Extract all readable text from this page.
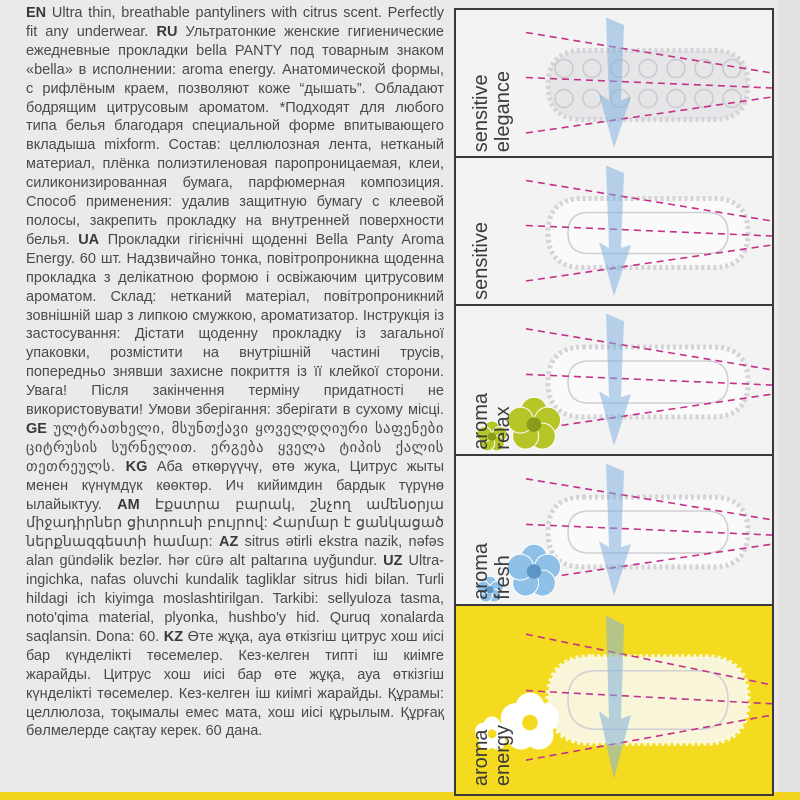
EN Ultra thin, breathable pantyliners with citrus scent. Perfectly fit any underwear. RU Ультратонкие женские гигиенические ежедневные прокладки bella PANTY под товарным знаком «bella» в исполнении: aroma energy. Анатомической формы, с рифлёным краем, позволяют коже “дышать”. Обладают бодрящим цитрусовым ароматом. *Подходят для любого типа белья благодаря специальной форме впитывающего вкладыша mixform. Состав: целлюлозная лента, нетканый материал, плёнка полиэтиленовая паропроницаемая, клеи, силиконизированная бумага, парфюмерная композиция. Способ применения: удалив защитную бумагу с клеевой полосы, закрепить прокладку на внутренней поверхности белья. UA Прокладки гігієнічні щоденні Bella Panty Aroma Energy. 60 шт. Надзвичайно тонка, повітропроникна щоденна прокладка з делікатною формою і освіжаючим цитрусовим ароматом. Склад: нетканий матеріал, повітропроникний зовнішній шар з липкою смужкою, ароматизатор. Інструкція із застосування: Дістати щоденну прокладку із загальної упаковки, розмістити на внутрішній частині трусів, попередньо знявши захисне покриття із її клейкої сторони. Увага! Після закінчення терміну придатності не використовувати! Умови зберігання: зберігати в сухому місці. GE ულტრათხელი, მსუნთქავი ყოველდღიური საფენები ციტრუსის სურნელით. ერგება ყველა ტიპის ქალის თეთრეულს. KG Аба өткөрүүчү, өтө жука, Цитрус жыты менен күнүмдүк көөктөр. Ич кийимдин бардык түрүнө ылайыктуу. AM Էքստրա բարակ, շնչող ամենօրյա միջադիրներ ցիտրուսի բույրով: Հարմար է ցանկացած ներքնազգեստի համար: AZ sitrus ətirli ekstra nazik, nəfəs alan gündəlik bezlər. hər cürə alt paltarına uyğundur. UZ Ultra-ingichka, nafas oluvchi kundalik tagliklar sitrus hidi bilan. Turli hildagi ich kiyimga moslashtirilgan. Tarkibi: sellyuloza tasma, noto'qima material, plyonka, hushbo'y hid. Quruq xonalarda saqlansin. Dona: 60. KZ Өте жұқа, ауа өткізгіш цитрус хош иісі бар күнделікті төсемелер. Кез-келген типті іш киімге жарайды. Цитрус хош иісі бар өте жұқа, ауа өткізгіш күнделікті төсемелер. Кез-келген іш киімгі жарайды. Құрамы: целлюлоза, тоқымалы емес мата, хош иісі құрылым. Құрғақ бөлмелерде сақтау керек. 60 дана.

sensitive elegance
sensitive
aroma relax
aroma fresh
aroma energy
